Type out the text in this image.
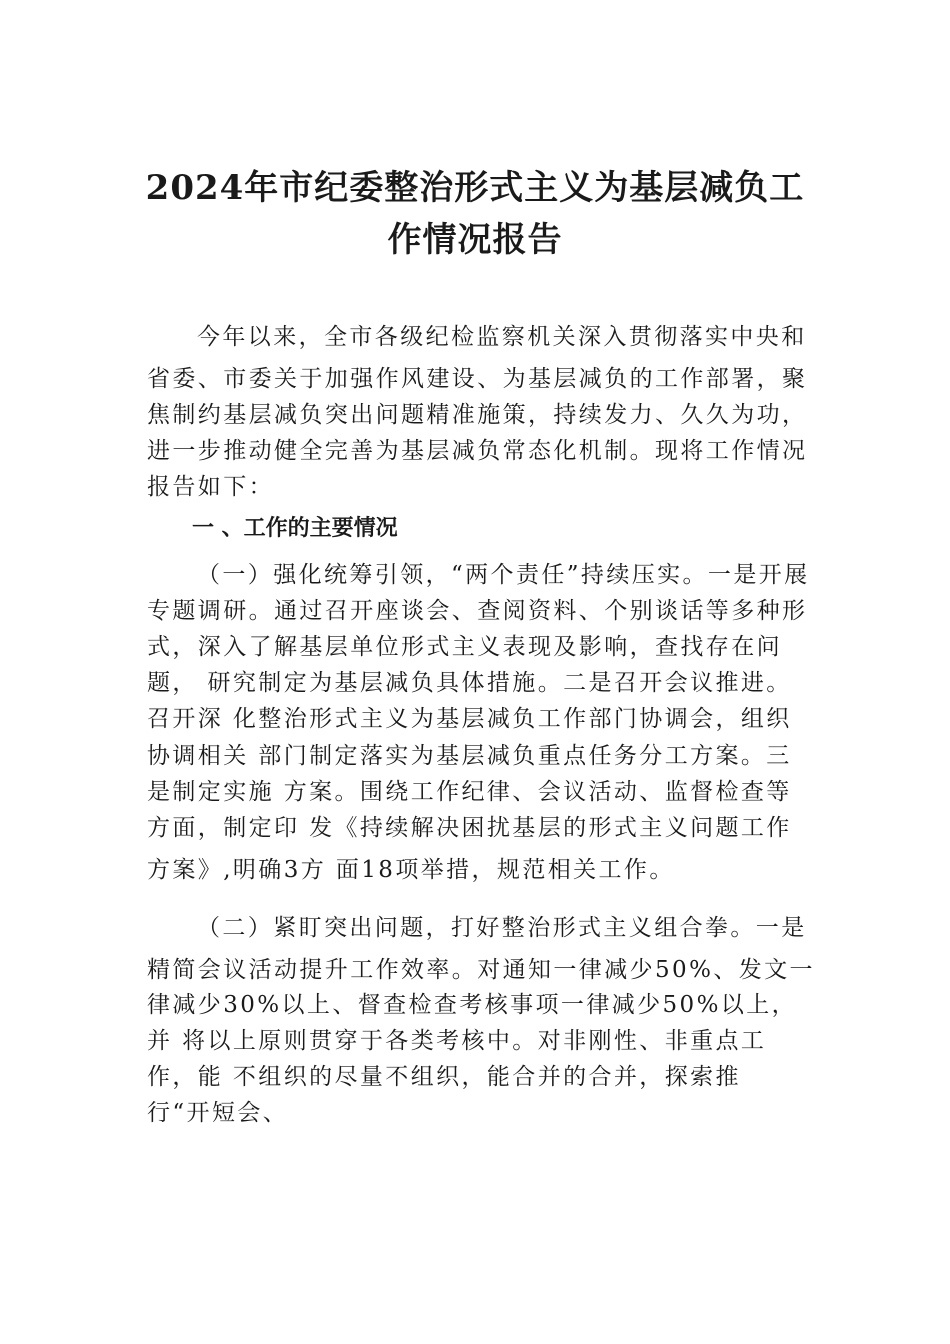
2024年市纪委整治形式主义为基层减负工
作情况报告

今年以来，全市各级纪检监察机关深入贯彻落实中央和

省委、市委关于加强作风建设、为基层减负的工作部署，聚

焦制约基层减负突出问题精准施策，持续发力、久久为功，

进一步推动健全完善为基层减负常态化机制。现将工作情况

报告如下：

一 、工作的主要情况

（一）强化统筹引领，“两个责任”持续压实。一是开展

专题调研。通过召开座谈会、查阅资料、个别谈话等多种形

式，深入了解基层单位形式主义表现及影响，查找存在问

题， 研究制定为基层减负具体措施。二是召开会议推进。

召开深 化整治形式主义为基层减负工作部门协调会，组织

协调相关 部门制定落实为基层减负重点任务分工方案。三

是制定实施 方案。围绕工作纪律、会议活动、监督检查等

方面，制定印 发《持续解决困扰基层的形式主义问题工作

方案》,明确3方 面18项举措，规范相关工作。

（二）紧盯突出问题，打好整治形式主义组合拳。一是

精简会议活动提升工作效率。对通知一律减少50%、发文一

律减少30%以上、督查检查考核事项一律减少50%以上，

并 将以上原则贯穿于各类考核中。对非刚性、非重点工

作，能 不组织的尽量不组织，能合并的合并，探索推

行“开短会、
